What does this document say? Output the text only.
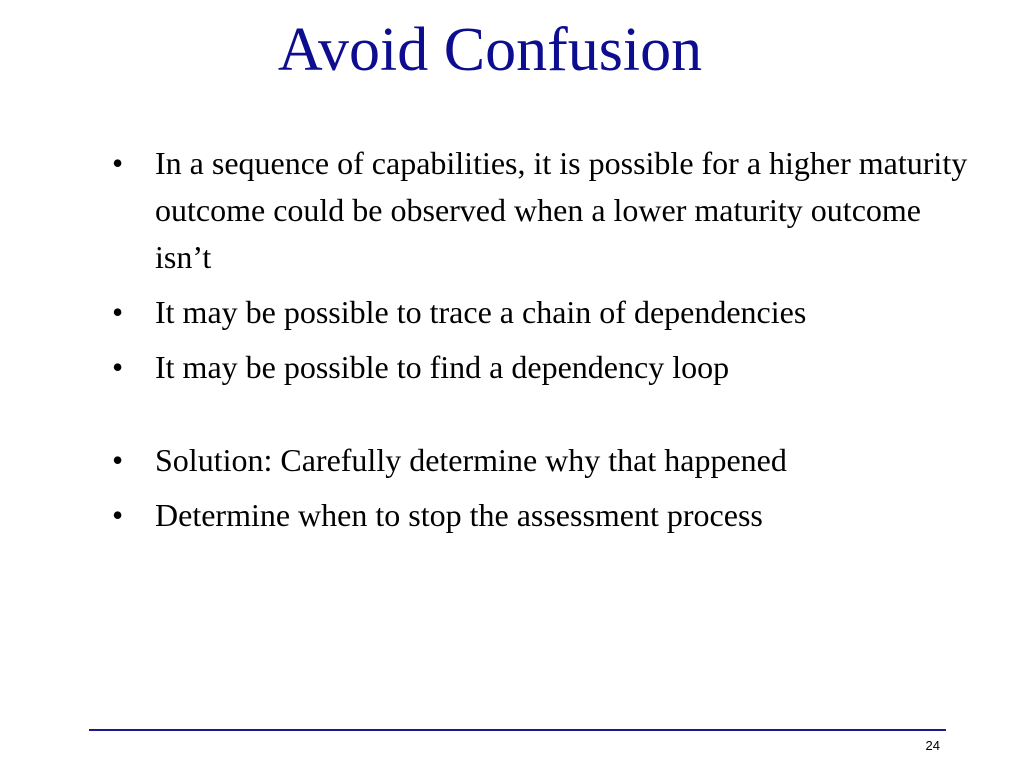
Avoid Confusion
• In a sequence of capabilities, it is possible for a higher maturity outcome could be observed when a lower maturity outcome isn’t
• It may be possible to trace a chain of dependencies
• It may be possible to find a dependency loop
• Solution: Carefully determine why that happened
• Determine when to stop the assessment process
24
